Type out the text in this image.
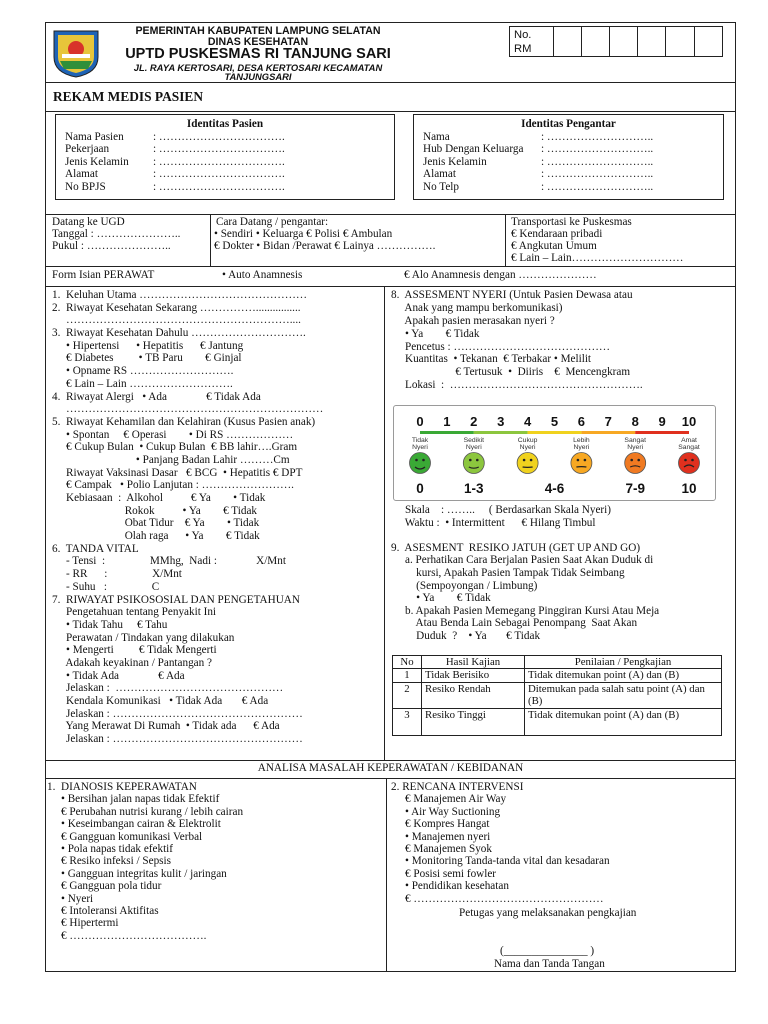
PEMERINTAH KABUPATEN LAMPUNG SELATAN
DINAS KESEHATAN
UPTD PUSKESMAS RI TANJUNG SARI
JL. RAYA KERTOSARI, DESA KERTOSARI KECAMATAN
TANJUNGSARI
No. RM
REKAM MEDIS PASIEN
Identitas Pasien
Nama Pasien	: …………………………….
Pekerjaan	: …………………………….
Jenis Kelamin : …………………………….
Alamat	: …………………………….
No BPJS	: …………………………….
Identitas Pengantar
Nama	: ………………………..
Hub Dengan Keluarga : ………………………..
Jenis Kelamin	: ………………………..
Alamat	: ………………………..
No Telp	: ………………………..
Datang ke UGD
Tanggal : …………………..
Pukul : …………………..
Cara Datang / pengantar:
• Sendiri • Keluarga € Polisi € Ambulan
€ Dokter • Bidan /Perawat € Lainya …………….
Transportasi ke Puskesmas
€ Kendaraan pribadi
€ Angkutan Umum
€ Lain – Lain…………………………
Form Isian PERAWAT	• Auto Anamnesis	€ Alo Anamnesis dengan …………………
1.  Keluhan Utama ………………………………………
2.  Riwayat Kesehatan Sekarang ……………................
……………………………………………………....
3.  Riwayat Kesehatan Dahulu ………………………….
• Hipertensi      • Hepatitis      € Jantung
€ Diabetes         • TB Paru        € Ginjal
• Opname RS ……………………….
€ Lain – Lain ……………………….
4.  Riwayat Alergi   • Ada              € Tidak Ada
……………………………………………………………
5.  Riwayat Kehamilan dan Kelahiran (Kusus Pasien anak)
• Spontan     € Operasi        • Di RS ………………
€ Cukup Bulan  • Cukup Bulan  € BB lahir….Gram
• Panjang Badan Lahir ………Cm
Riwayat Vaksinasi Dasar   € BCG  • Hepatitis € DPT
€ Campak   • Polio Lanjutan : …………………….
Kebiasaan  :  Alkohol          € Ya        • Tidak
Rokok          • Ya        € Tidak
Obat Tidur    € Ya        • Tidak
Olah raga      • Ya        € Tidak
6.  TANDA VITAL
- Tensi  :                MMhg,  Nadi :              X/Mnt
- RR      :                X/Mnt
- Suhu   :                C
7.  RIWAYAT PSIKOSOSIAL DAN PENGETAHUAN
Pengetahuan tentang Penyakit Ini
• Tidak Tahu     € Tahu
Perawatan / Tindakan yang dilakukan
• Mengerti         € Tidak Mengerti
Adakah keyakinan / Pantangan ?
• Tidak Ada              € Ada
Jelaskan :  ………………………………………
Kendala Komunikasi   • Tidak Ada       € Ada
Jelaskan : ……………………………………………
Yang Merawat Di Rumah  • Tidak ada      € Ada
Jelaskan : ……………………………………………
8.  ASSESMENT NYERI (Untuk Pasien Dewasa atau
Anak yang mampu berkomunikasi)
Apakah pasien merasakan nyeri ?
• Ya        € Tidak
Pencetus : ……………………………………
Kuantitas  • Tekanan  € Terbakar • Melilit
€ Tertusuk  •  Diiris    €  Mencengkram
Lokasi  :  …………………………………………….
0 1 2 3 4 5 6 7 8 9 10
Tidak
Nyeri
Sedikit
Nyeri
Cukup
Nyeri
Lebih
Nyeri
Sangat
Nyeri
Amat
Sangat
0	1-3	4-6	7-9	10
Skala    : ……..     ( Berdasarkan Skala Nyeri)
Waktu :  • Intermittent      € Hilang Timbul
9.  ASESMENT  RESIKO JATUH (GET UP AND GO)
a. Perhatikan Cara Berjalan Pasien Saat Akan Duduk di
kursi, Apakah Pasien Tampak Tidak Seimbang
(Sempoyongan / Limbung)
• Ya        € Tidak
b. Apakah Pasien Memegang Pinggiran Kursi Atau Meja
Atau Benda Lain Sebagai Penompang  Saat Akan
Duduk  ?    • Ya       € Tidak
No	Hasil Kajian	Penilaian / Pengkajian
1	Tidak Berisiko	Tidak ditemukan point (A) dan (B)
2	Resiko Rendah	Ditemukan pada salah satu point (A) dan (B)
3	Resiko Tinggi	Tidak ditemukan point (A) dan (B)
ANALISA MASALAH KEPERAWATAN / KEBIDANAN
1.  DIANOSIS KEPERAWATAN
• Bersihan jalan napas tidak Efektif
€ Perubahan nutrisi kurang / lebih cairan
• Keseimbangan cairan & Elektrolit
€ Gangguan komunikasi Verbal
• Pola napas tidak efektif
€ Resiko infeksi / Sepsis
• Gangguan integritas kulit / jaringan
€ Gangguan pola tidur
• Nyeri
€ Intoleransi Aktifitas
€ Hipertermi
€ ……………………………….
2. RENCANA INTERVENSI
€ Manajemen Air Way
• Air Way Suctioning
€ Kompres Hangat
• Manajemen nyeri
€ Manajemen Syok
• Monitoring Tanda-tanda vital dan kesadaran
€ Posisi semi fowler
• Pendidikan kesehatan
€ ……………………………………………
Petugas yang melaksanakan pengkajian
(_______________ )
Nama dan Tanda Tangan
